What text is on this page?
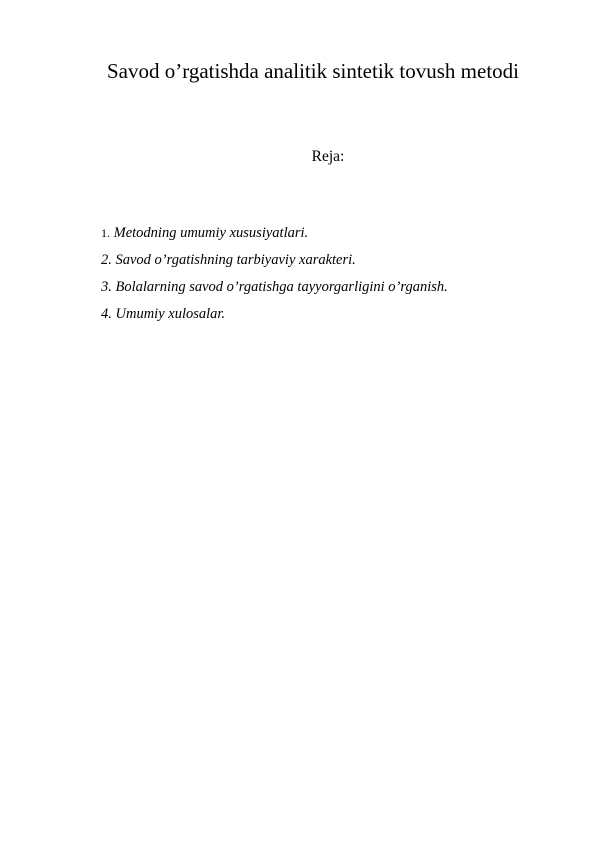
Savod o’rgatishda analitik sintetik tovush metodi
Reja:
1. Metodning umumiy xususiyatlari.
2. Savod o’rgatishning tarbiyaviy xarakteri.
3. Bolalarning savod o’rgatishga tayyorgarligini o’rganish.
4. Umumiy xulosalar.
